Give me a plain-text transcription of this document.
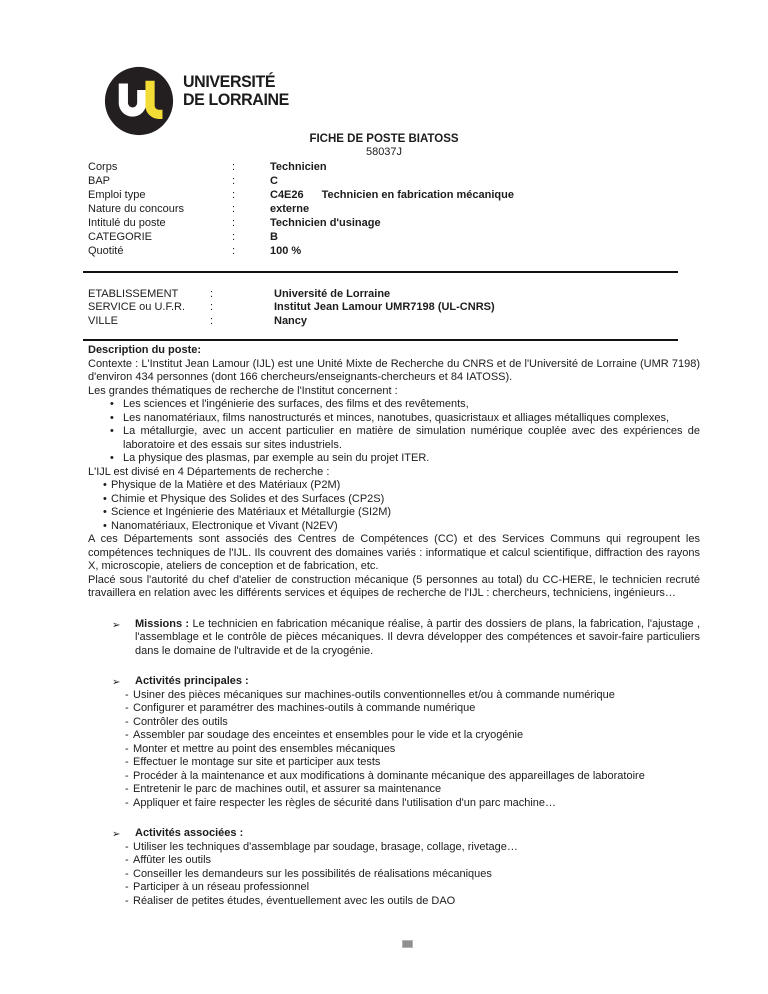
UNIVERSITÉ
DE LORRAINE
FICHE DE POSTE BIATOSS
58037J
Corps	:	Technicien
BAP	:	C
Emploi type	:	C4E26 Technicien en fabrication mécanique
Nature du concours	:	externe
Intitulé du poste	:	Technicien d'usinage
CATEGORIE	:	B
Quotité	:	100 %
ETABLISSEMENT	:	Université de Lorraine
SERVICE ou U.F.R.	:	Institut Jean Lamour UMR7198 (UL-CNRS)
VILLE	:	Nancy
Description du poste:
Contexte : L'Institut Jean Lamour (IJL) est une Unité Mixte de Recherche du CNRS et de l'Université de Lorraine (UMR 7198) d'environ 434 personnes (dont 166 chercheurs/enseignants-chercheurs et 84 IATOSS).
Les grandes thématiques de recherche de l'Institut concernent :
• Les sciences et l'ingénierie des surfaces, des films et des revêtements,
• Les nanomatériaux, films nanostructurés et minces, nanotubes, quasicristaux et alliages métalliques complexes,
• La métallurgie, avec un accent particulier en matière de simulation numérique couplée avec des expériences de laboratoire et des essais sur sites industriels.
• La physique des plasmas, par exemple au sein du projet ITER.
L'IJL est divisé en 4 Départements de recherche :
• Physique de la Matière et des Matériaux (P2M)
• Chimie et Physique des Solides et des Surfaces (CP2S)
• Science et Ingénierie des Matériaux et Métallurgie (SI2M)
• Nanomatériaux, Electronique et Vivant (N2EV)
A ces Départements sont associés des Centres de Compétences (CC) et des Services Communs qui regroupent les compétences techniques de l'IJL. Ils couvrent des domaines variés : informatique et calcul scientifique, diffraction des rayons X, microscopie, ateliers de conception et de fabrication, etc.
Placé sous l'autorité du chef d'atelier de construction mécanique (5 personnes au total) du CC-HERE, le technicien recruté travaillera en relation avec les différents services et équipes de recherche de l'IJL : chercheurs, techniciens, ingénieurs…
➢ Missions : Le technicien en fabrication mécanique réalise, à partir des dossiers de plans, la fabrication, l'ajustage , l'assemblage et le contrôle de pièces mécaniques. Il devra développer des compétences et savoir-faire particuliers dans le domaine de l'ultravide et de la cryogénie.
➢ Activités principales :
- Usiner des pièces mécaniques sur machines-outils conventionnelles et/ou à commande numérique
- Configurer et paramétrer des machines-outils à commande numérique
- Contrôler des outils
- Assembler par soudage des enceintes et ensembles pour le vide et la cryogénie
- Monter et mettre au point des ensembles mécaniques
- Effectuer le montage sur site et participer aux tests
- Procéder à la maintenance et aux modifications à dominante mécanique des appareillages de laboratoire
- Entretenir le parc de machines outil, et assurer sa maintenance
- Appliquer et faire respecter les règles de sécurité dans l'utilisation d'un parc machine…
➢ Activités associées :
- Utiliser les techniques d'assemblage par soudage, brasage, collage, rivetage…
- Affûter les outils
- Conseiller les demandeurs sur les possibilités de réalisations mécaniques
- Participer à un réseau professionnel
- Réaliser de petites études, éventuellement avec les outils de DAO
